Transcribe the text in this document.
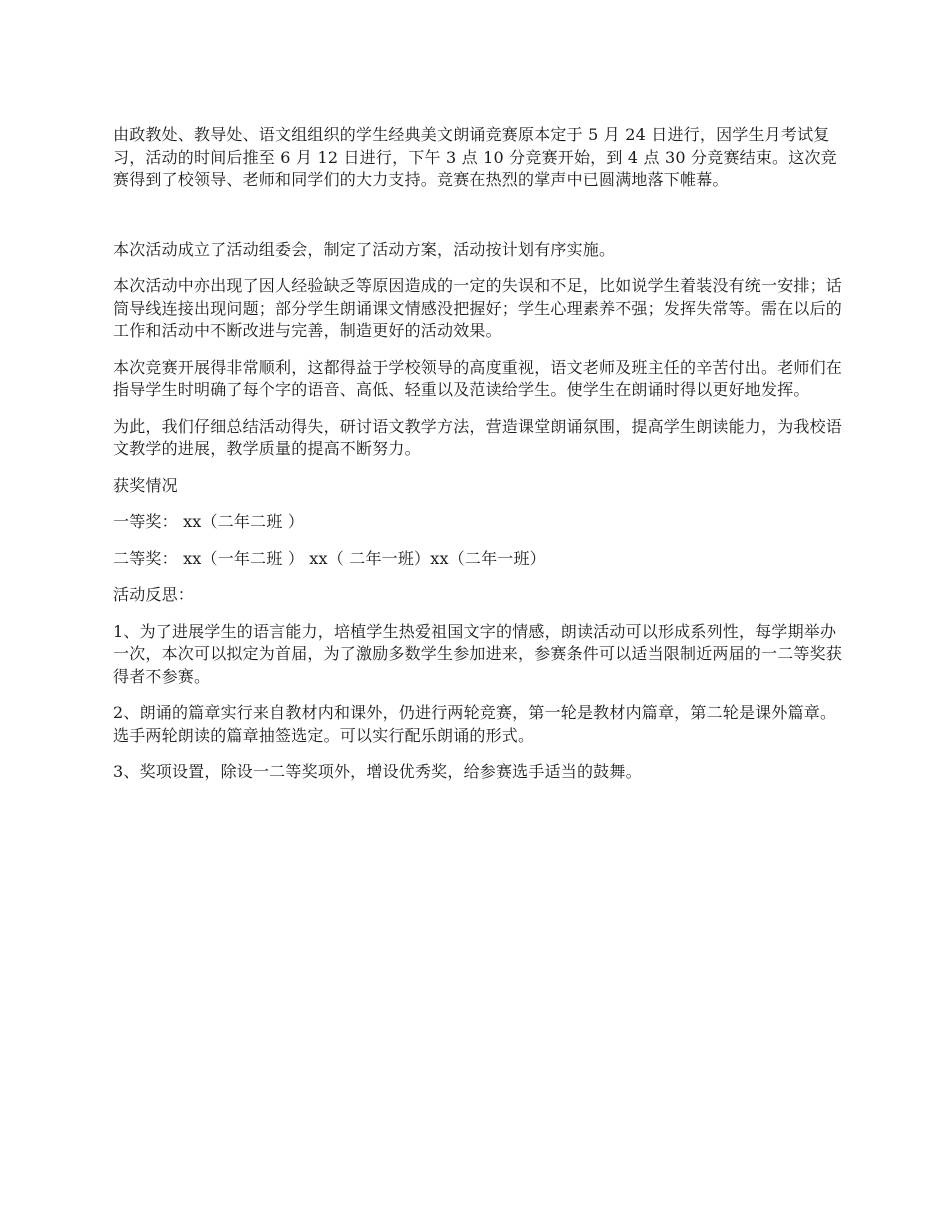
由政教处、教导处、语文组组织的学生经典美文朗诵竞赛原本定于 5 月 24 日进行，因学生月考试复习，活动的时间后推至 6 月 12 日进行，下午 3 点 10 分竞赛开始，到 4 点 30 分竞赛结束。这次竞赛得到了校领导、老师和同学们的大力支持。竞赛在热烈的掌声中已圆满地落下帷幕。

本次活动成立了活动组委会，制定了活动方案，活动按计划有序实施。

本次活动中亦出现了因人经验缺乏等原因造成的一定的失误和不足，比如说学生着装没有统一安排；话筒导线连接出现问题；部分学生朗诵课文情感没把握好；学生心理素养不强；发挥失常等。需在以后的工作和活动中不断改进与完善，制造更好的活动效果。

本次竞赛开展得非常顺利，这都得益于学校领导的高度重视，语文老师及班主任的辛苦付出。老师们在指导学生时明确了每个字的语音、高低、轻重以及范读给学生。使学生在朗诵时得以更好地发挥。

为此，我们仔细总结活动得失，研讨语文教学方法，营造课堂朗诵氛围，提高学生朗读能力，为我校语文教学的进展，教学质量的提高不断努力。

获奖情况

一等奖： xx（二年二班 ）

二等奖： xx（一年二班 ） xx（ 二年一班）xx（二年一班）

活动反思：

1、为了进展学生的语言能力，培植学生热爱祖国文字的情感，朗读活动可以形成系列性，每学期举办一次，本次可以拟定为首届，为了激励多数学生参加进来，参赛条件可以适当限制近两届的一二等奖获得者不参赛。

2、朗诵的篇章实行来自教材内和课外，仍进行两轮竞赛，第一轮是教材内篇章，第二轮是课外篇章。选手两轮朗读的篇章抽签选定。可以实行配乐朗诵的形式。

3、奖项设置，除设一二等奖项外，增设优秀奖，给参赛选手适当的鼓舞。
